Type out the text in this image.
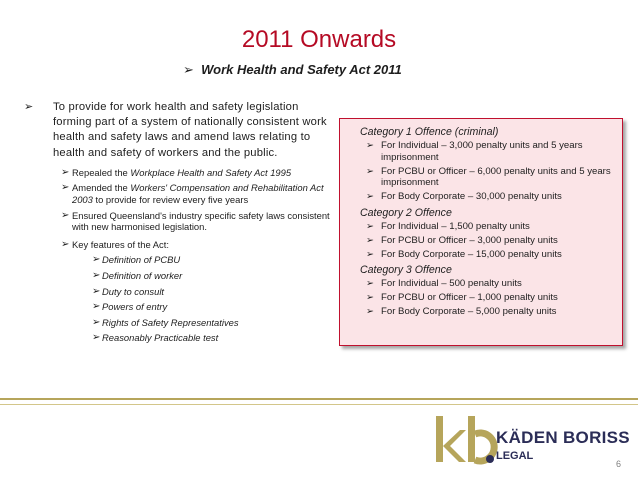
2011 Onwards
➢ Work Health and Safety Act 2011
➢ To provide for work health and safety legislation forming part of a system of nationally consistent work health and safety laws and amend laws relating to health and safety of workers and the public.
➢ Repealed the Workplace Health and Safety Act 1995
➢ Amended the Workers' Compensation and Rehabilitation Act 2003 to provide for review every five years
➢ Ensured Queensland's industry specific safety laws consistent with new harmonised legislation.
➢ Key features of the Act:
➢ Definition of PCBU
➢ Definition of worker
➢ Duty to consult
➢ Powers of entry
➢ Rights of Safety Representatives
➢ Reasonably Practicable test
Category 1 Offence (criminal)
➢ For Individual – 3,000 penalty units and 5 years imprisonment
➢ For PCBU or Officer – 6,000 penalty units and 5 years imprisonment
➢ For Body Corporate – 30,000 penalty units
Category 2 Offence
➢ For Individual – 1,500 penalty units
➢ For PCBU or Officer – 3,000 penalty units
➢ For Body Corporate – 15,000 penalty units
Category 3 Offence
➢ For Individual – 500 penalty units
➢ For PCBU or Officer – 1,000 penalty units
➢ For Body Corporate – 5,000 penalty units
KÄDEN BORISS
LEGAL
6
